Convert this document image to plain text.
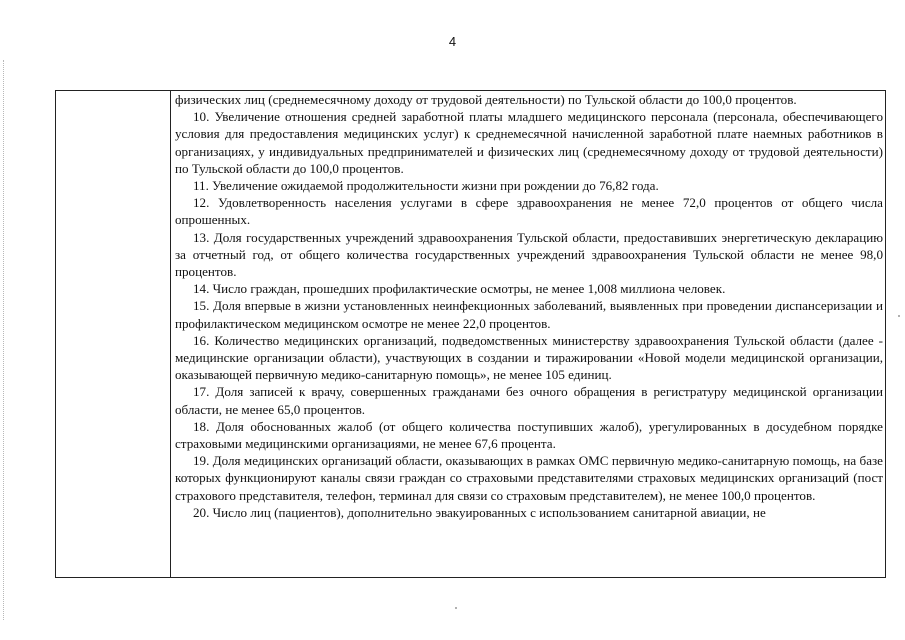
4

физических лиц (среднемесячному доходу от трудовой деятельности) по Тульской области до 100,0 процентов.

10. Увеличение отношения средней заработной платы младшего медицинского персонала (персонала, обеспечивающего условия для предоставления медицинских услуг) к среднемесячной начисленной заработной плате наемных работников в организациях, у индивидуальных предпринимателей и физических лиц (среднемесячному доходу от трудовой деятельности) по Тульской области до 100,0 процентов.

11. Увеличение ожидаемой продолжительности жизни при рождении до 76,82 года.

12. Удовлетворенность населения услугами в сфере здравоохранения не менее 72,0 процентов от общего числа опрошенных.

13. Доля государственных учреждений здравоохранения Тульской области, предоставивших энергетическую декларацию за отчетный год, от общего количества государственных учреждений здравоохранения Тульской области не менее 98,0 процентов.

14. Число граждан, прошедших профилактические осмотры, не менее 1,008 миллиона человек.

15. Доля впервые в жизни установленных неинфекционных заболеваний, выявленных при проведении диспансеризации и профилактическом медицинском осмотре не менее 22,0 процентов.

16. Количество медицинских организаций, подведомственных министерству здравоохранения Тульской области (далее - медицинские организации области), участвующих в создании и тиражировании «Новой модели медицинской организации, оказывающей первичную медико-санитарную помощь», не менее 105 единиц.

17. Доля записей к врачу, совершенных гражданами без очного обращения в регистратуру медицинской организации области, не менее 65,0 процентов.

18. Доля обоснованных жалоб (от общего количества поступивших жалоб), урегулированных в досудебном порядке страховыми медицинскими организациями, не менее 67,6 процента.

19. Доля медицинских организаций области, оказывающих в рамках ОМС первичную медико-санитарную помощь, на базе которых функционируют каналы связи граждан со страховыми представителями страховых медицинских организаций (пост страхового представителя, телефон, терминал для связи со страховым представителем), не менее 100,0 процентов.

20. Число лиц (пациентов), дополнительно эвакуированных с использованием санитарной авиации, не
